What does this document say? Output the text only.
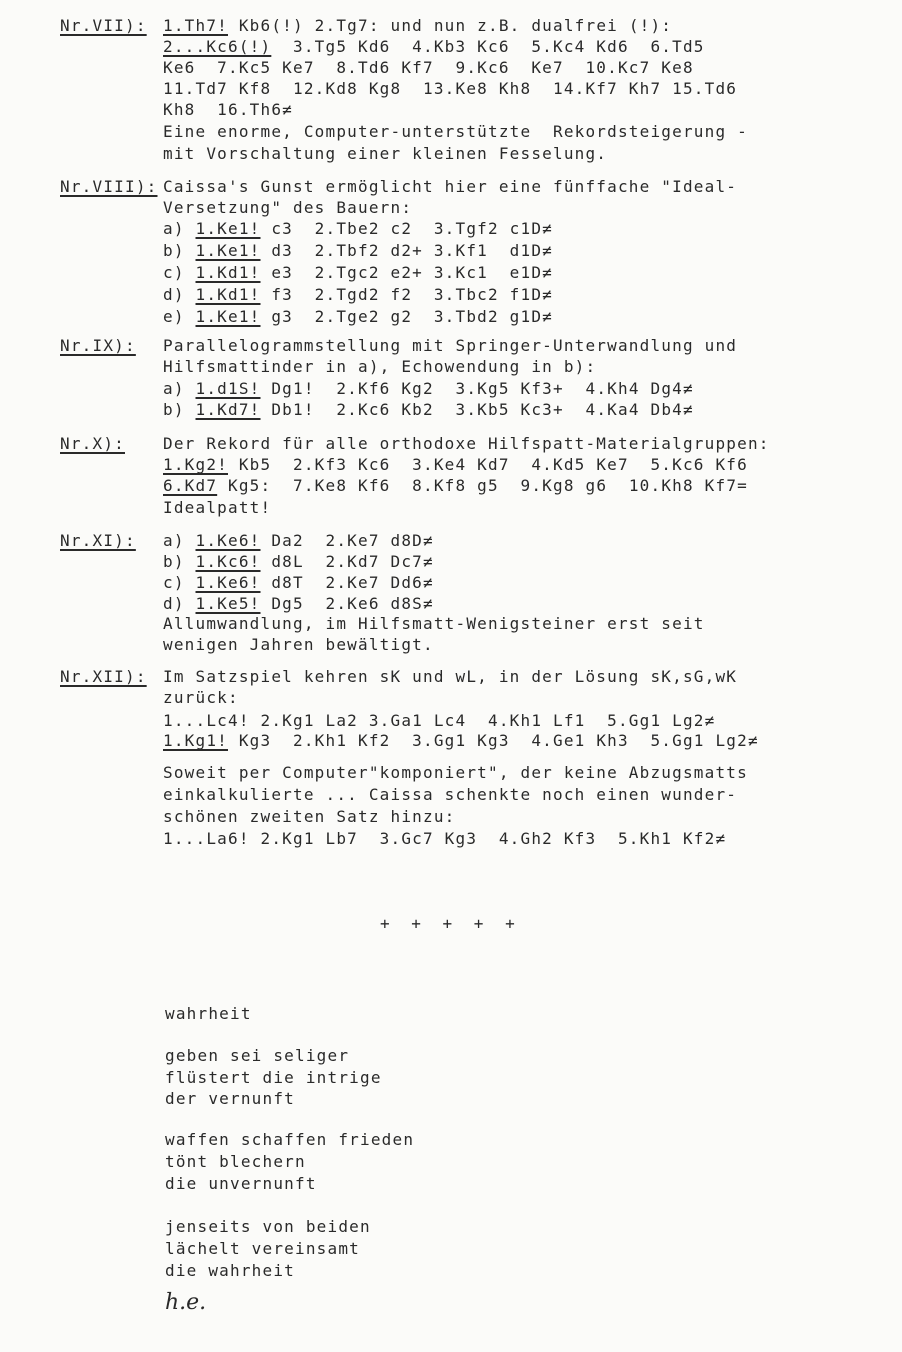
Nr.VII): 1.Th7! Kb6(!) 2.Tg7: und nun z.B. dualfrei (!):
2...Kc6(!)  3.Tg5 Kd6  4.Kb3 Kc6  5.Kc4 Kd6  6.Td5
Ke6  7.Kc5 Ke7  8.Td6 Kf7  9.Kc6  Ke7  10.Kc7 Ke8
11.Td7 Kf8  12.Kd8 Kg8  13.Ke8 Kh8  14.Kf7 Kh7 15.Td6
Kh8  16.Th6≠
Eine enorme, Computer-unterstützte  Rekordsteigerung -
mit Vorschaltung einer kleinen Fesselung.
Nr.VIII): Caissa's Gunst ermöglicht hier eine fünffache "Ideal-
Versetzung" des Bauern:
a) 1.Ke1! c3  2.Tbe2 c2  3.Tgf2 c1D≠
b) 1.Ke1! d3  2.Tbf2 d2+ 3.Kf1  d1D≠
c) 1.Kd1! e3  2.Tgc2 e2+ 3.Kc1  e1D≠
d) 1.Kd1! f3  2.Tgd2 f2  3.Tbc2 f1D≠
e) 1.Ke1! g3  2.Tge2 g2  3.Tbd2 g1D≠
Nr.IX): Parallelogrammstellung mit Springer-Unterwandlung und
Hilfsmattinder in a), Echowendung in b):
a) 1.d1S! Dg1!  2.Kf6 Kg2  3.Kg5 Kf3+  4.Kh4 Dg4≠
b) 1.Kd7! Db1!  2.Kc6 Kb2  3.Kb5 Kc3+  4.Ka4 Db4≠
Nr.X): Der Rekord für alle orthodoxe Hilfspatt-Materialgruppen:
1.Kg2! Kb5  2.Kf3 Kc6  3.Ke4 Kd7  4.Kd5 Ke7  5.Kc6 Kf6
6.Kd7 Kg5:  7.Ke8 Kf6  8.Kf8 g5  9.Kg8 g6  10.Kh8 Kf7=
Idealpatt!
Nr.XI): a) 1.Ke6! Da2  2.Ke7 d8D≠
b) 1.Kc6! d8L  2.Kd7 Dc7≠
c) 1.Ke6! d8T  2.Ke7 Dd6≠
d) 1.Ke5! Dg5  2.Ke6 d8S≠
Allumwandlung, im Hilfsmatt-Wenigsteiner erst seit
wenigen Jahren bewältigt.
Nr.XII): Im Satzspiel kehren sK und wL, in der Lösung sK,sG,wK
zurück:
1...Lc4! 2.Kg1 La2 3.Ga1 Lc4  4.Kh1 Lf1  5.Gg1 Lg2≠
1.Kg1! Kg3  2.Kh1 Kf2  3.Gg1 Kg3  4.Ge1 Kh3  5.Gg1 Lg2≠
Soweit per Computer"komponiert", der keine Abzugsmatts
einkalkulierte ... Caissa schenkte noch einen wunder-
schönen zweiten Satz hinzu:
1...La6! 2.Kg1 Lb7  3.Gc7 Kg3  4.Gh2 Kf3  5.Kh1 Kf2≠
+ + + + +
wahrheit
geben sei seliger
flüstert die intrige
der vernunft
waffen schaffen frieden
tönt blechern
die unvernunft
jenseits von beiden
lächelt vereinsamt
die wahrheit
h.e.
